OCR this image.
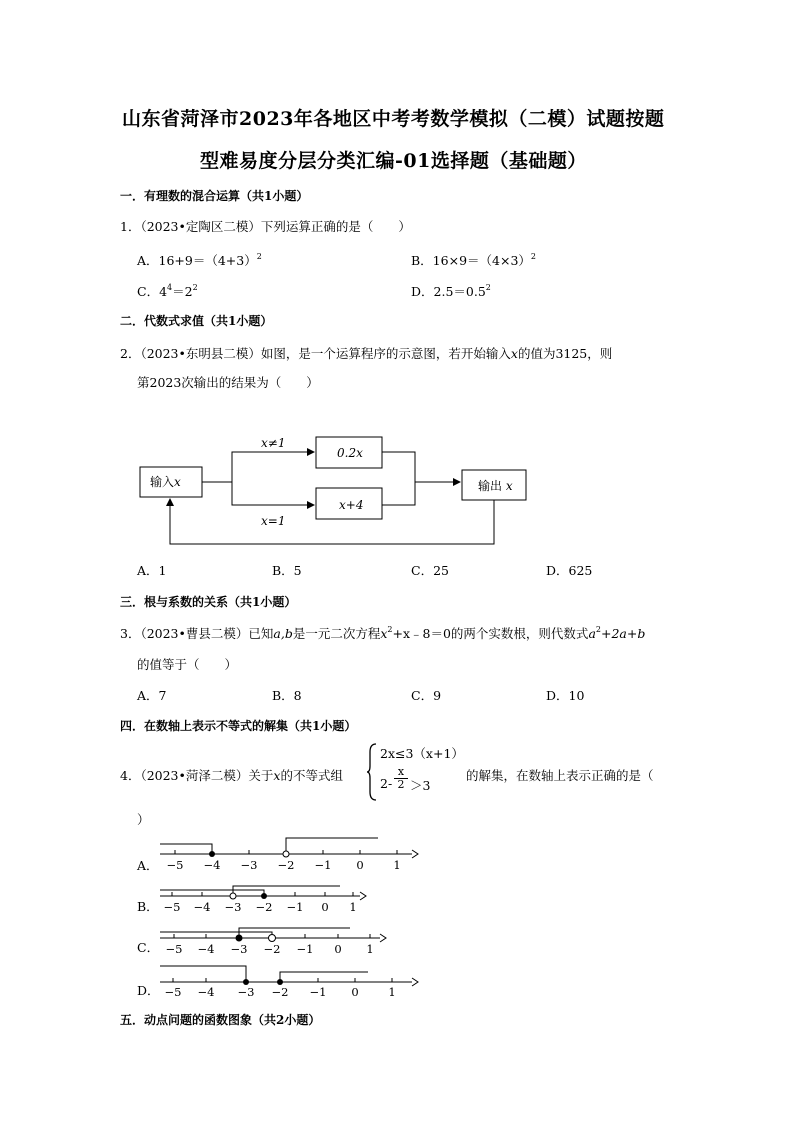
山东省菏泽市2023年各地区中考考数学模拟（二模）试题按题
型难易度分层分类汇编-01选择题（基础题）
一．有理数的混合运算（共1小题）
1．（2023•定陶区二模）下列运算正确的是（　　）
A．$16+9=(4+3)^2$	B．$16\times 9=(4\times 3)^2$
C．$4^4=2^2$	D．$2.5=0.5^2$
二．代数式求值（共1小题）
2．（2023•东明县二模）如图，是一个运算程序的示意图，若开始输入x的值为3125，则
第2023次输出的结果为（　　）
输入x
0.2x
x+4
输出 x
x≠1
x=1
A．1	B．5	C．25	D．625
三．根与系数的关系（共1小题）
3．（2023•曹县二模）已知a,b是一元二次方程$x^2+x﹣8=0$的两个实数根，则代数式$a^2+2a+b$
的值等于（　　）
A．7	B．8	C．9	D．10
四．在数轴上表示不等式的解集（共1小题）
4．（2023•菏泽二模）关于x的不等式组
2x≤3（x+1）
2-
x
2 ＞3
的解集，在数轴上表示正确的是（
）
A．
B．
C．
D．
−5 −4 −3 −2 −1 0	1
−5 −4 −3 −2 −1 0 1
−5 −4 −3 −2 −1 0 1
−5 −4 −3 −2 −1 0	1
五．动点问题的函数图象（共2小题）
